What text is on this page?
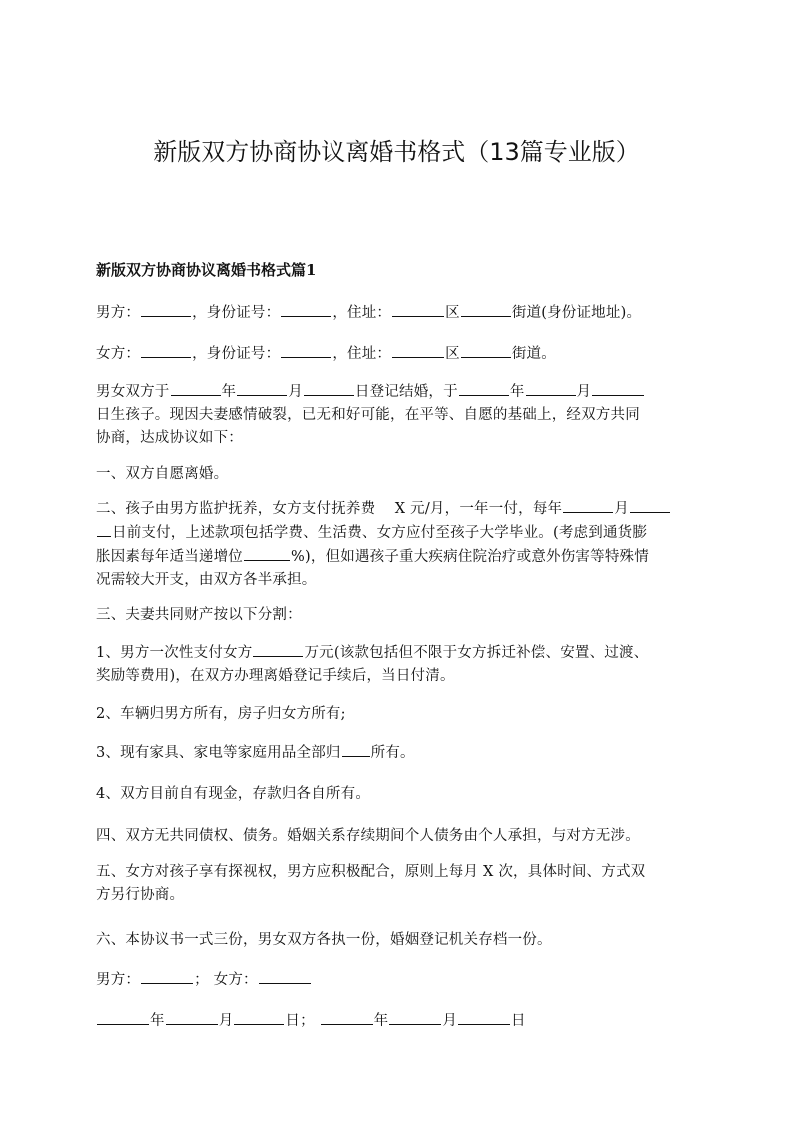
新版双方协商协议离婚书格式（13篇专业版）
新版双方协商协议离婚书格式篇1
男方：	，身份证号：	，住址：	区	街道(身份证地址)。
女方：	，身份证号：	，住址：	区	街道。
男女双方于	年	月	日登记结婚，于	年	月
日生孩子。现因夫妻感情破裂，已无和好可能，在平等、自愿的基础上，经双方共同
协商，达成协议如下：
一、双方自愿离婚。
二、孩子由男方监护抚养，女方支付抚养费　 X 元/月，一年一付，每年	月
日前支付，上述款项包括学费、生活费、女方应付至孩子大学毕业。(考虑到通货膨
胀因素每年适当递增位	%)，但如遇孩子重大疾病住院治疗或意外伤害等特殊情
况需较大开支，由双方各半承担。
三、夫妻共同财产按以下分割：
1、男方一次性支付女方	万元(该款包括但不限于女方拆迁补偿、安置、过渡、
奖励等费用)，在双方办理离婚登记手续后，当日付清。
2、车辆归男方所有，房子归女方所有;
3、现有家具、家电等家庭用品全部归 所有。
4、双方目前自有现金，存款归各自所有。
四、双方无共同债权、债务。婚姻关系存续期间个人债务由个人承担，与对方无涉。
五、女方对孩子享有探视权，男方应积极配合，原则上每月 X 次，具体时间、方式双
方另行协商。
六、本协议书一式三份，男女双方各执一份，婚姻登记机关存档一份。
男方：	； 女方：
年	月	日；	年	月	日
